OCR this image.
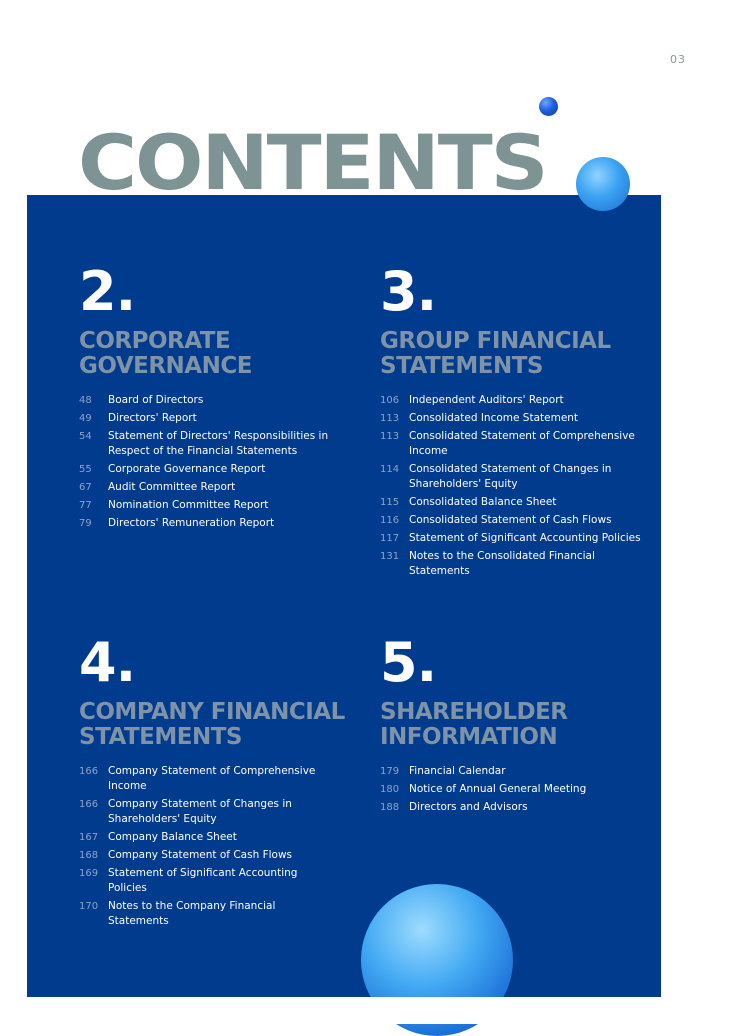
03
CONTENTS
2.
CORPORATE
GOVERNANCE
48	Board of Directors
49	Directors' Report
54	Statement of Directors' Responsibilities in Respect of the Financial Statements
55	Corporate Governance Report
67	Audit Committee Report
77	Nomination Committee Report
79	Directors' Remuneration Report
3.
GROUP FINANCIAL
STATEMENTS
106 Independent Auditors' Report
113 Consolidated Income Statement
113 Consolidated Statement of Comprehensive Income
114 Consolidated Statement of Changes in Shareholders' Equity
115 Consolidated Balance Sheet
116 Consolidated Statement of Cash Flows
117 Statement of Significant Accounting Policies
131 Notes to the Consolidated Financial Statements
4.
COMPANY FINANCIAL
STATEMENTS
166 Company Statement of Comprehensive Income
166 Company Statement of Changes in Shareholders' Equity
167 Company Balance Sheet
168 Company Statement of Cash Flows
169 Statement of Significant Accounting Policies
170 Notes to the Company Financial Statements
5.
SHAREHOLDER
INFORMATION
179 Financial Calendar
180 Notice of Annual General Meeting
188 Directors and Advisors
